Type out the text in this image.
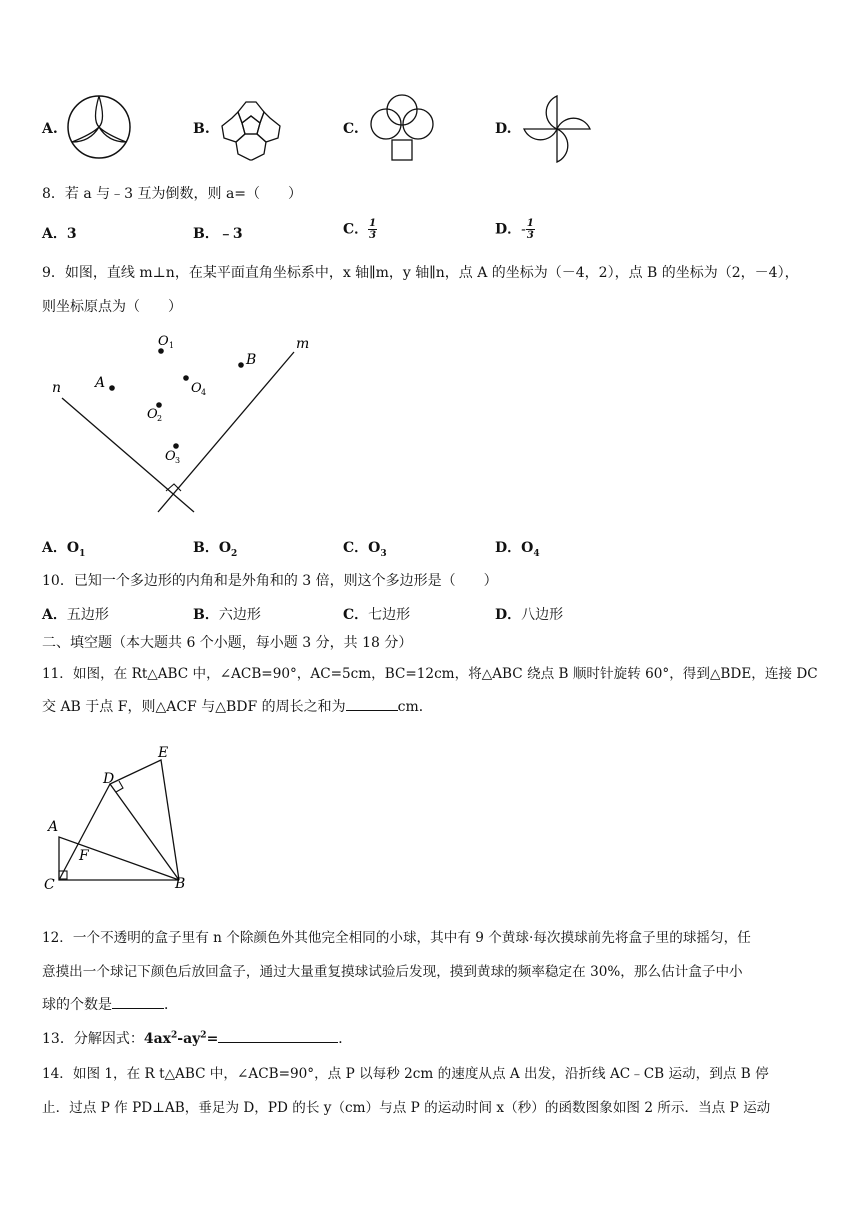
A.	B.	C.	D.
8．若 a 与﹣3 互为倒数，则 a=（　　）
A．3	B．﹣3	C． $\frac{1}{3}$	D．- $\frac{1}{3}$
9．如图，直线 m⊥n，在某平面直角坐标系中，x 轴∥m，y 轴∥n，点 A 的坐标为（－4，2），点 B 的坐标为（2，－4），
则坐标原点为（　　）
n
m
A
B
O 1
O 2
O 3
O 4
A．$O_1$	B．$O_2$	C．$O_3$	D．$O_4$
10．已知一个多边形的内角和是外角和的 3 倍，则这个多边形是（　　）
A．五边形	B．六边形	C．七边形	D．八边形
二、填空题（本大题共 6 个小题，每小题 3 分，共 18 分）
11．如图，在 Rt△ABC 中，∠ACB=90°，AC=5cm，BC=12cm，将△ABC 绕点 B 顺时针旋转 60°，得到△BDE，连接 DC
交 AB 于点 F，则△ACF 与△BDF 的周长之和为	cm．
E
D
A
F
C	B
12．一个不透明的盒子里有 n 个除颜色外其他完全相同的小球，其中有 9 个黄球·每次摸球前先将盒子里的球摇匀，任
意摸出一个球记下颜色后放回盒子，通过大量重复摸球试验后发现，摸到黄球的频率稳定在 30%，那么估计盒子中小
球的个数是	．
13．分解因式：$4ax^2-ay^2=$	．
14．如图 1，在 R t△ABC 中，∠ACB=90°，点 P 以每秒 2cm 的速度从点 A 出发，沿折线 AC﹣CB 运动，到点 B 停
止．过点 P 作 PD⊥AB，垂足为 D，PD 的长 y（cm）与点 P 的运动时间 x（秒）的函数图象如图 2 所示．当点 P 运动
